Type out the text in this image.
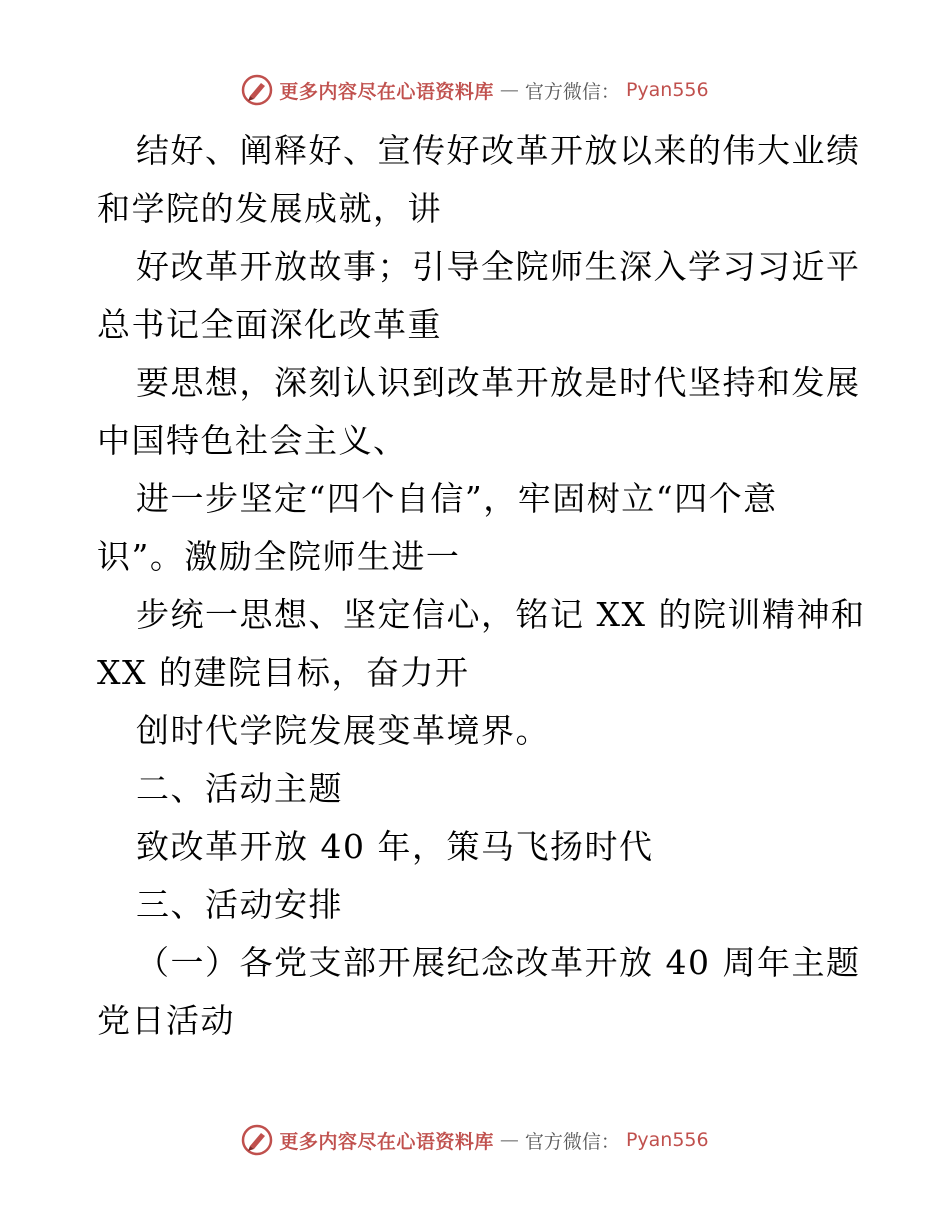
更多内容尽在心语资料库 — 官方微信： Pyan556
结好、阐释好、宣传好改革开放以来的伟大业绩
和学院的发展成就，讲
好改革开放故事；引导全院师生深入学习习近平
总书记全面深化改革重
要思想，深刻认识到改革开放是时代坚持和发展
中国特色社会主义、
进一步坚定“四个自信”，牢固树立“四个意
识”。激励全院师生进一
步统一思想、坚定信心，铭记 XX 的院训精神和
XX 的建院目标，奋力开
创时代学院发展变革境界。
二、活动主题
致改革开放 40 年，策马飞扬时代
三、活动安排
（一）各党支部开展纪念改革开放 40 周年主题
党日活动
更多内容尽在心语资料库 — 官方微信： Pyan556
